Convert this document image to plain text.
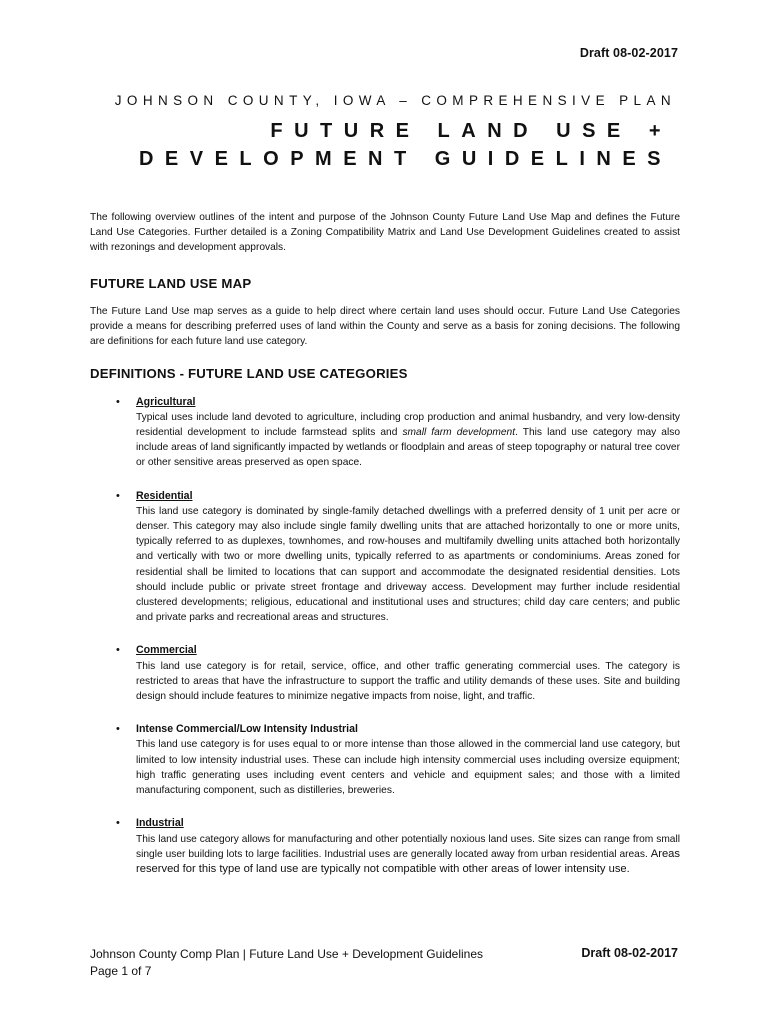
Draft 08-02-2017
JOHNSON COUNTY, IOWA – COMPREHENSIVE PLAN
FUTURE LAND USE +
DEVELOPMENT GUIDELINES

The following overview outlines of the intent and purpose of the Johnson County Future Land Use Map and defines the Future Land Use Categories. Further detailed is a Zoning Compatibility Matrix and Land Use Development Guidelines created to assist with rezonings and development approvals.

FUTURE LAND USE MAP

The Future Land Use map serves as a guide to help direct where certain land uses should occur. Future Land Use Categories provide a means for describing preferred uses of land within the County and serve as a basis for zoning decisions. The following are definitions for each future land use category.

DEFINITIONS - FUTURE LAND USE CATEGORIES
• Agricultural
Typical uses include land devoted to agriculture, including crop production and animal husbandry, and very low-density residential development to include farmstead splits and small farm development. This land use category may also include areas of land significantly impacted by wetlands or floodplain and areas of steep topography or natural tree cover or other sensitive areas preserved as open space.
• Residential
This land use category is dominated by single-family detached dwellings with a preferred density of 1 unit per acre or denser. This category may also include single family dwelling units that are attached horizontally to one or more units, typically referred to as duplexes, townhomes, and row-houses and multifamily dwelling units attached both horizontally and vertically with two or more dwelling units, typically referred to as apartments or condominiums. Areas zoned for residential shall be limited to locations that can support and accommodate the designated residential densities. Lots should include public or private street frontage and driveway access. Development may further include residential clustered developments; religious, educational and institutional uses and structures; child day care centers; and public and private parks and recreational areas and structures.
• Commercial
This land use category is for retail, service, office, and other traffic generating commercial uses. The category is restricted to areas that have the infrastructure to support the traffic and utility demands of these uses. Site and building design should include features to minimize negative impacts from noise, light, and traffic.
• Intense Commercial/Low Intensity Industrial
This land use category is for uses equal to or more intense than those allowed in the commercial land use category, but limited to low intensity industrial uses. These can include high intensity commercial uses including oversize equipment; high traffic generating uses including event centers and vehicle and equipment sales; and those with a limited manufacturing component, such as distilleries, breweries.
• Industrial
This land use category allows for manufacturing and other potentially noxious land uses. Site sizes can range from small single user building lots to large facilities. Industrial uses are generally located away from urban residential areas. Areas reserved for this type of land use are typically not compatible with other areas of lower intensity use.
Johnson County Comp Plan | Future Land Use + Development Guidelines
Page 1 of 7
Draft 08-02-2017
